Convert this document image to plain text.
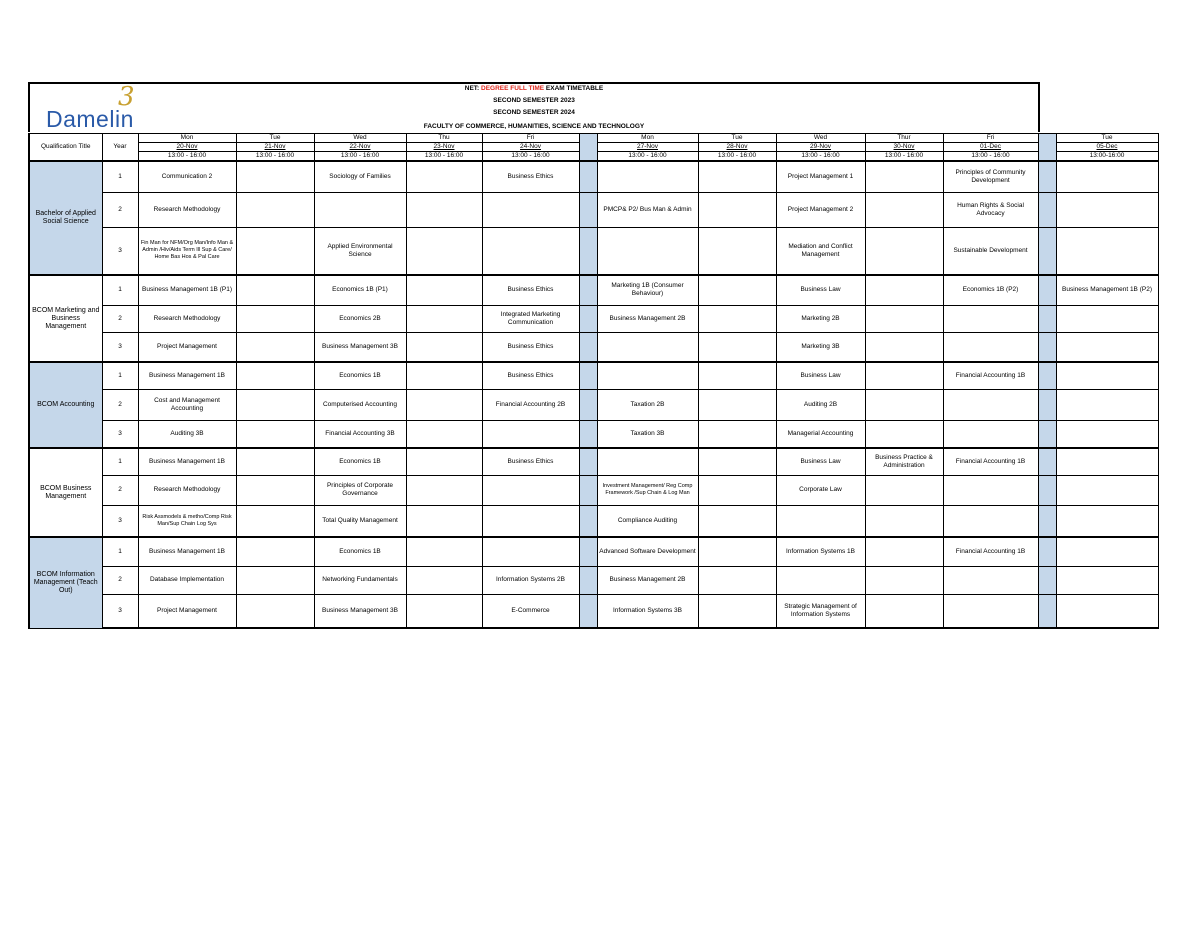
3
Damelin
NET: DEGREE FULL TIME EXAM TIMETABLE
SECOND SEMESTER 2023
SECOND SEMESTER 2024
FACULTY OF COMMERCE, HUMANITIES, SCIENCE AND TECHNOLOGY
Qualification Title	Year	Mon	Tue	Wed	Thu	Fri		Mon	Tue	Wed	Thur	Fri		Tue
		20-Nov	21-Nov	22-Nov	23-Nov	24-Nov		27-Nov	28-Nov	29-Nov	30-Nov	01-Dec		05-Dec
		13:00 - 16:00	13:00 - 16:00	13:00 - 16:00	13:00 - 16:00	13:00 - 16:00		13:00 - 16:00	13:00 - 16:00	13:00 - 16:00	13:00 - 16:00	13:00 - 16:00		13:00-16:00
Bachelor of Applied Social Science	1	Communication 2		Sociology of Families		Business Ethics				Project Management 1		Principles of Community Development		
	2	Research Methodology						PMCP& P2/ Bus Man & Admin		Project Management 2		Human Rights & Social Advocacy		
	3	Fin Man for NFM/Org Man/Info Man & Admin /Hiv/Aids Term Ill Sup & Care/ Home Bas Hos & Pal Care		Applied Environmental Science						Mediation and Conflict Management		Sustainable Development		
BCOM Marketing and Business Management	1	Business Management 1B (P1)		Economics 1B (P1)		Business Ethics		Marketing 1B (Consumer Behaviour)		Business Law		Economics 1B (P2)		Business Management 1B (P2)
	2	Research Methodology		Economics 2B		Integrated Marketing Communication		Business Management 2B		Marketing 2B				
	3	Project Management		Business Management 3B		Business Ethics				Marketing 3B				
BCOM Accounting	1	Business Management 1B		Economics 1B		Business Ethics				Business Law		Financial Accounting 1B		
	2	Cost and Management Accounting		Computerised Accounting		Financial Accounting 2B		Taxation 2B		Auditing 2B				
	3	Auditing 3B		Financial Accounting 3B				Taxation 3B		Managerial Accounting				
BCOM Business Management	1	Business Management 1B		Economics 1B		Business Ethics				Business Law	Business Practice & Administration	Financial Accounting 1B		
	2	Research Methodology		Principles of Corporate Governance				Investment Management/ Reg Comp Framework /Sup Chain & Log Man		Corporate Law				
	3	Risk Assmodels & metho/Comp Risk Man/Sup Chain Log Sys		Total Quality Management				Compliance Auditing						
BCOM Information Management (Teach Out)	1	Business Management 1B		Economics 1B				Advanced Software Development		Information Systems 1B		Financial Accounting 1B		
	2	Database Implementation		Networking Fundamentals		Information Systems 2B		Business Management 2B						
	3	Project Management		Business Management 3B		E-Commerce		Information Systems 3B		Strategic Management of Information Systems				
